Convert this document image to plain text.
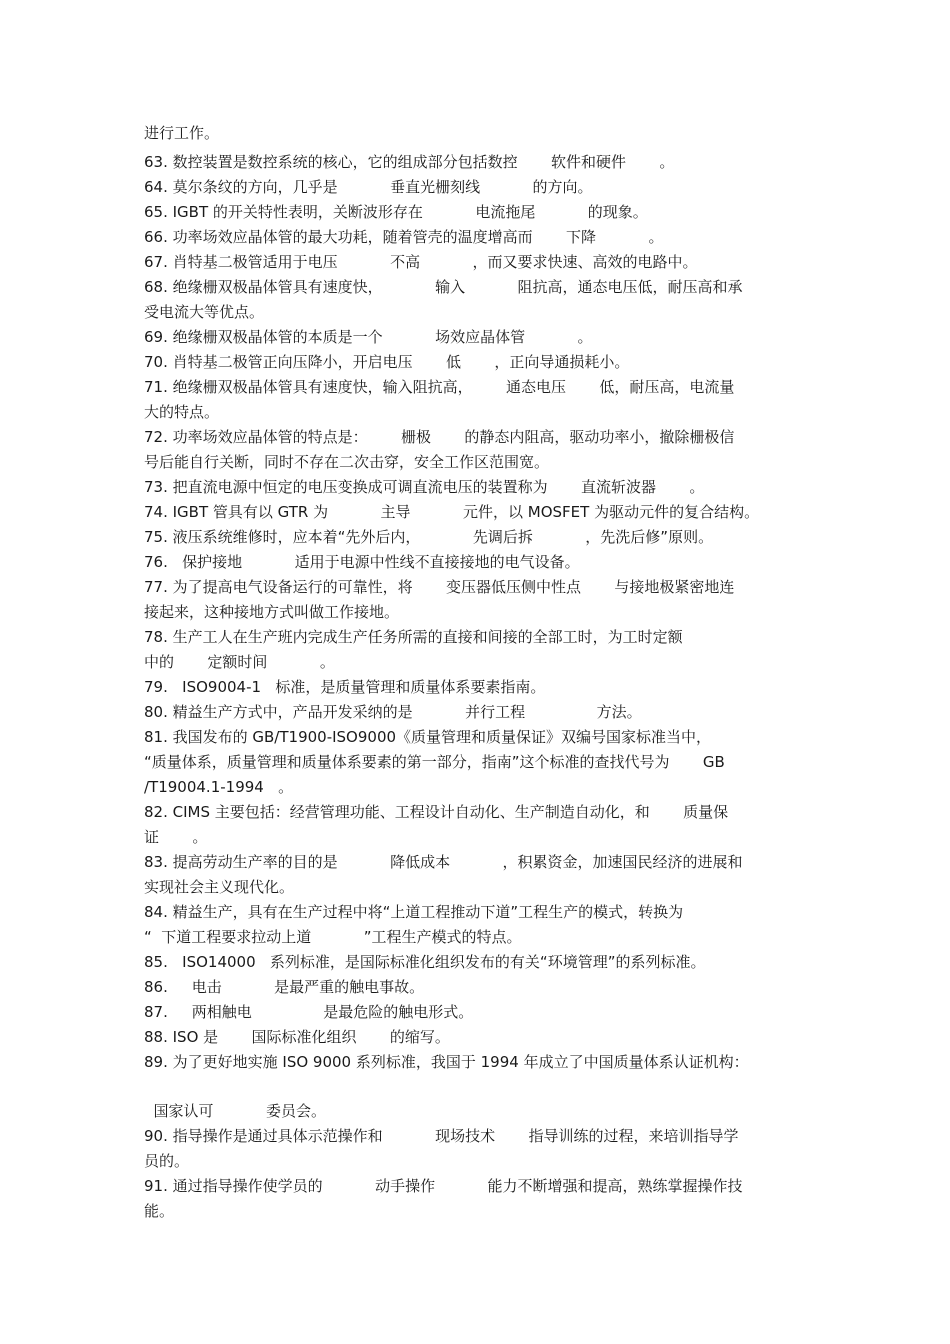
进行工作。
63. 数控装置是数控系统的核心，它的组成部分包括数控       软件和硬件       。
64. 莫尔条纹的方向，几乎是           垂直光栅刻线           的方向。
65. IGBT 的开关特性表明，关断波形存在           电流拖尾           的现象。
66. 功率场效应晶体管的最大功耗，随着管壳的温度增高而       下降           。
67. 肖特基二极管适用于电压           不高           ，而又要求快速、高效的电路中。
68. 绝缘栅双极晶体管具有速度快，           输入           阻抗高，通态电压低，耐压高和承
受电流大等优点。
69. 绝缘栅双极晶体管的本质是一个           场效应晶体管           。
70. 肖特基二极管正向压降小，开启电压       低       ，正向导通损耗小。
71. 绝缘栅双极晶体管具有速度快，输入阻抗高，       通态电压       低，耐压高，电流量
大的特点。
72. 功率场效应晶体管的特点是：       栅极       的静态内阻高，驱动功率小，撤除栅极信
号后能自行关断，同时不存在二次击穿，安全工作区范围宽。
73. 把直流电源中恒定的电压变换成可调直流电压的装置称为       直流斩波器       。
74. IGBT 管具有以 GTR 为           主导           元件，以 MOSFET 为驱动元件的复合结构。
75. 液压系统维修时，应本着“先外后内，           先调后拆           ，先洗后修”原则。
76.   保护接地           适用于电源中性线不直接接地的电气设备。
77. 为了提高电气设备运行的可靠性，将       变压器低压侧中性点       与接地极紧密地连
接起来，这种接地方式叫做工作接地。
78. 生产工人在生产班内完成生产任务所需的直接和间接的全部工时，为工时定额
中的       定额时间           。
79.   ISO9004-1   标准，是质量管理和质量体系要素指南。
80. 精益生产方式中，产品开发采纳的是           并行工程               方法。
81. 我国发布的 GB/T1900-ISO9000《质量管理和质量保证》双编号国家标准当中，
“质量体系，质量管理和质量体系要素的第一部分，指南”这个标准的查找代号为       GB
/T19004.1-1994   。
82. CIMS 主要包括：经营管理功能、工程设计自动化、生产制造自动化，和       质量保
证       。
83. 提高劳动生产率的目的是           降低成本           ，积累资金，加速国民经济的进展和
实现社会主义现代化。
84. 精益生产，具有在生产过程中将“上道工程推动下道”工程生产的模式，转换为
“  下道工程要求拉动上道           ”工程生产模式的特点。
85.   ISO14000   系列标准，是国际标准化组织发布的有关“环境管理”的系列标准。
86.     电击           是最严重的触电事故。
87.     两相触电               是最危险的触电形式。
88. ISO 是       国际标准化组织       的缩写。
89. 为了更好地实施 ISO 9000 系列标准，我国于 1994 年成立了中国质量体系认证机构：
国家认可           委员会。
90. 指导操作是通过具体示范操作和           现场技术       指导训练的过程，来培训指导学
员的。
91. 通过指导操作使学员的           动手操作           能力不断增强和提高，熟练掌握操作技
能。
